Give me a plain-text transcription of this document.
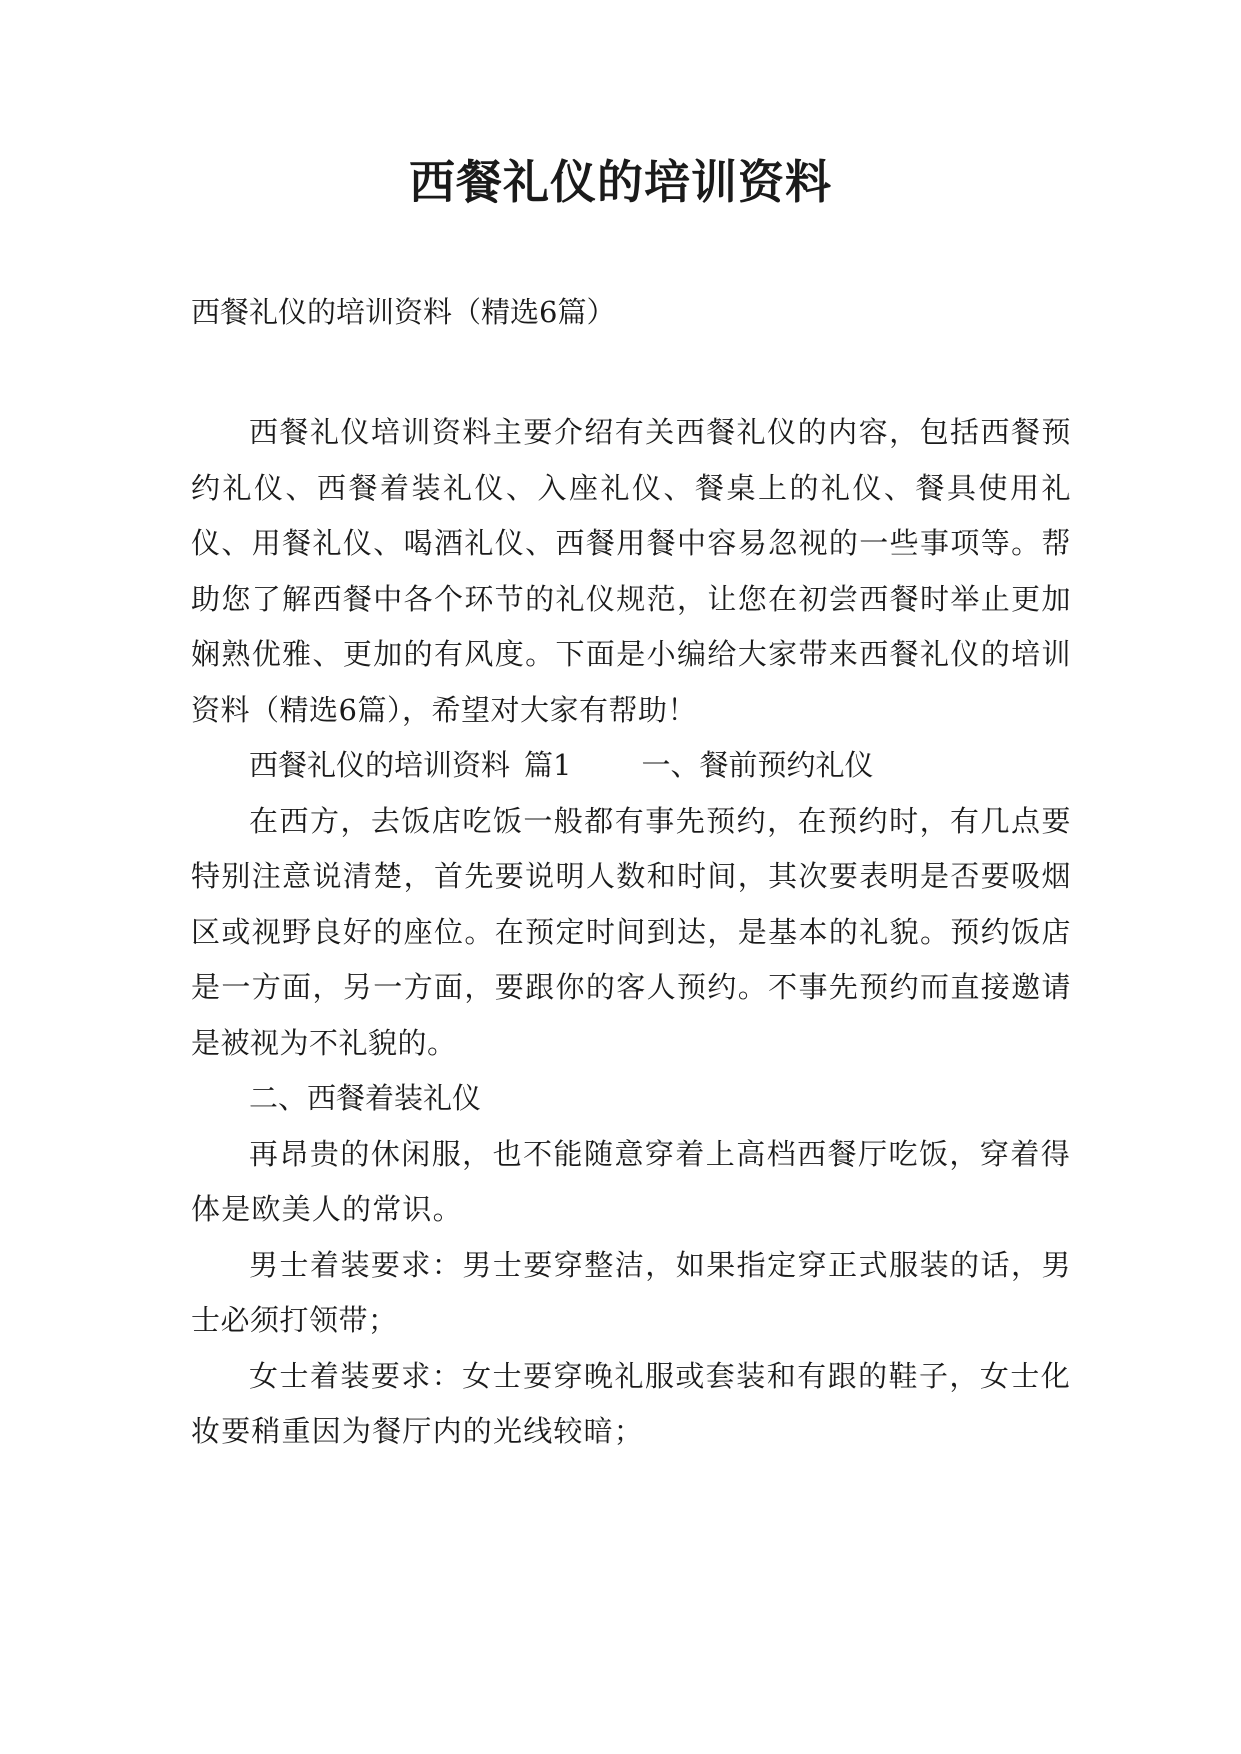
西餐礼仪的培训资料
西餐礼仪的培训资料（精选6篇）

西餐礼仪培训资料主要介绍有关西餐礼仪的内容，包括西餐预约礼仪、西餐着装礼仪、入座礼仪、餐桌上的礼仪、餐具使用礼仪、用餐礼仪、喝酒礼仪、西餐用餐中容易忽视的一些事项等。帮助您了解西餐中各个环节的礼仪规范，让您在初尝西餐时举止更加娴熟优雅、更加的有风度。下面是小编给大家带来西餐礼仪的培训资料（精选6篇），希望对大家有帮助！

西餐礼仪的培训资料 篇1 一、餐前预约礼仪

在西方，去饭店吃饭一般都有事先预约，在预约时，有几点要特别注意说清楚，首先要说明人数和时间，其次要表明是否要吸烟区或视野良好的座位。在预定时间到达，是基本的礼貌。预约饭店是一方面，另一方面，要跟你的客人预约。不事先预约而直接邀请是被视为不礼貌的。

二、西餐着装礼仪

再昂贵的休闲服，也不能随意穿着上高档西餐厅吃饭，穿着得体是欧美人的常识。

男士着装要求：男士要穿整洁，如果指定穿正式服装的话，男士必须打领带；

女士着装要求：女士要穿晚礼服或套装和有跟的鞋子，女士化妆要稍重因为餐厅内的光线较暗；
